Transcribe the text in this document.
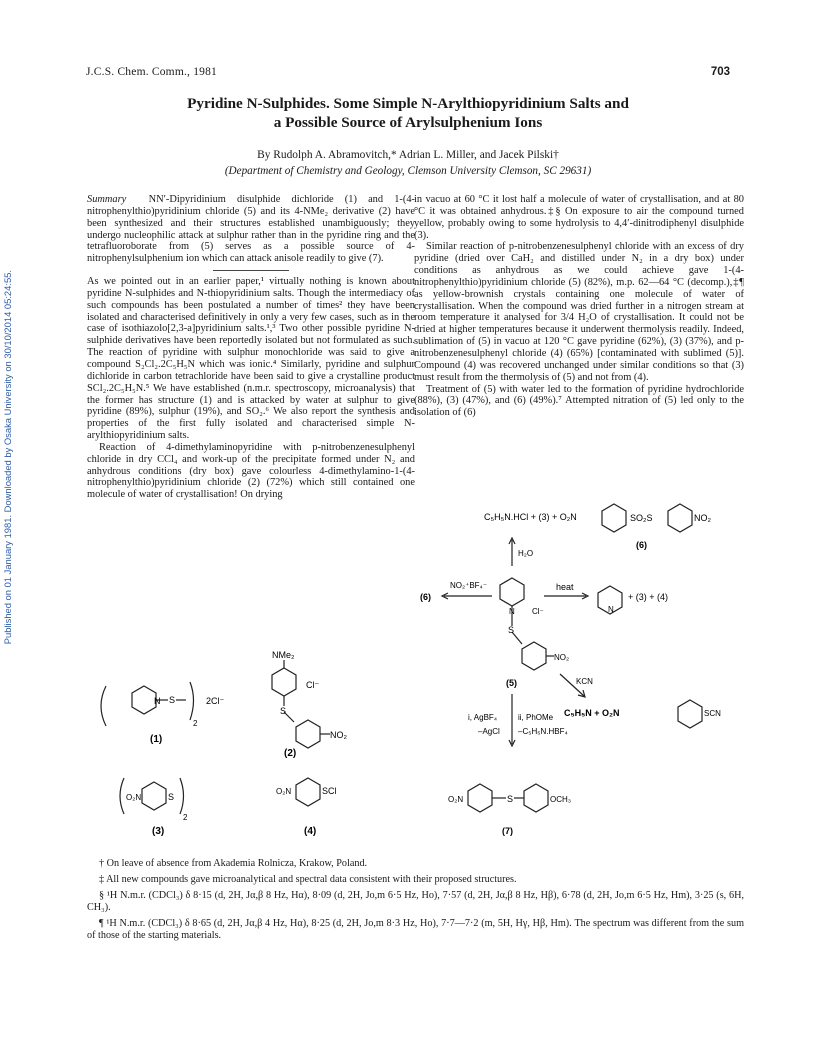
Published on 01 January 1981. Downloaded by Osaka University on 30/10/2014 05:24:55.
J.C.S. Chem. Comm., 1981	703
Pyridine N-Sulphides. Some Simple N-Arylthiopyridinium Salts and
a Possible Source of Arylsulphenium Ions
By Rudolph A. Abramovitch,* Adrian L. Miller, and Jacek Pilski†
(Department of Chemistry and Geology, Clemson University Clemson, SC 29631)

Summary NN′-Dipyridinium disulphide dichloride (1) and 1-(4-nitrophenylthio)pyridinium chloride (5) and its 4-NMe₂ derivative (2) have been synthesized and their structures established unambiguously; they undergo nucleophilic attack at sulphur rather than in the pyridine ring and the tetrafluoroborate from (5) serves as a possible source of 4-nitrophenylsulphenium ion which can attack anisole readily to give (7).

As we pointed out in an earlier paper,¹ virtually nothing is known about pyridine N-sulphides and N-thiopyridinium salts. Though the intermediacy of such compounds has been postulated a number of times² they have been isolated and characterised definitively in only a very few cases, such as in the case of isothiazolo[2,3-a]pyridinium salts.¹,³ Two other possible pyridine N-sulphide derivatives have been reportedly isolated but not formulated as such. The reaction of pyridine with sulphur monochloride was said to give a compound S₂Cl₂.2C₅H₅N which was ionic.⁴ Similarly, pyridine and sulphur dichloride in carbon tetrachloride have been said to give a crystalline product SCl₂.2C₅H₅N.⁵ We have established (n.m.r. spectroscopy, microanalysis) that the former has structure (1) and is attacked by water at sulphur to give pyridine (89%), sulphur (19%), and SO₂.⁶ We also report the synthesis and properties of the first fully isolated and characterised simple N-arylthiopyridinium salts.

Reaction of 4-dimethylaminopyridine with p-nitrobenzenesulphenyl chloride in dry CCl₄ and work-up of the precipitate formed under N₂ and anhydrous conditions (dry box) gave colourless 4-dimethylamino-1-(4-nitrophenylthio)pyridinium chloride (2) (72%) which still contained one molecule of water of crystallisation! On drying

in vacuo at 60 °C it lost half a molecule of water of crystallisation, and at 80 °C it was obtained anhydrous.‡§ On exposure to air the compound turned yellow, probably owing to some hydrolysis to 4,4′-dinitrodiphenyl disulphide (3).

Similar reaction of p-nitrobenzenesulphenyl chloride with an excess of dry pyridine (dried over CaH₂ and distilled under N₂ in a dry box) under conditions as anhydrous as we could achieve gave 1-(4-nitrophenylthio)pyridinium chloride (5) (82%), m.p. 62—64 °C (decomp.),‡¶ as yellow-brownish crystals containing one molecule of water of crystallisation. When the compound was dried further in a nitrogen stream at room temperature it analysed for 3/4 H₂O of crystallisation. It could not be dried at higher temperatures because it underwent thermolysis readily. Indeed, sublimation of (5) in vacuo at 120 °C gave pyridine (62%), (3) (37%), and p-nitrobenzenesulphenyl chloride (4) (65%) [contaminated with sublimed (5)]. Compound (4) was recovered unchanged under similar conditions so that (3) must result from the thermolysis of (5) and not from (4).

Treatment of (5) with water led to the formation of pyridine hydrochloride (88%), (3) (47%), and (6) (49%).⁷ Attempted nitration of (5) led only to the isolation of (6)

N S
2
2Cl⁻
(1)
NMe₂
Cl⁻
S
NO₂
(2)
O₂N	S
2
(3)
O₂N	SCl
(4)
C₅H₅N.HCl + (3) + O₂N	SO₂S	NO₂
(6)
H₂O
(6)
NO₂⁺BF₄⁻
N
S
Cl⁻
NO₂
(5)
heat
N
+ (3) + (4)
KCN
C₅H₅N + O₂N	SCN
i, AgBF₄
–AgCl
ii, PhOMe
–C₅H₅N.HBF₄
O₂N	S	OCH₃
(7)

† On leave of absence from Akademia Rolnicza, Krakow, Poland.

‡ All new compounds gave microanalytical and spectral data consistent with their proposed structures.

§ ¹H N.m.r. (CDCl₃) δ 8·15 (d, 2H, Jα,β 8 Hz, Hα), 8·09 (d, 2H, Jo,m 6·5 Hz, Ho), 7·57 (d, 2H, Jα,β 8 Hz, Hβ), 6·78 (d, 2H, Jo,m 6·5 Hz, Hm), 3·25 (s, 6H, CH₃).

¶ ¹H N.m.r. (CDCl₃) δ 8·65 (d, 2H, Jα,β 4 Hz, Hα), 8·25 (d, 2H, Jo,m 8·3 Hz, Ho), 7·7—7·2 (m, 5H, Hγ, Hβ, Hm). The spectrum was different from the sum of those of the starting materials.
